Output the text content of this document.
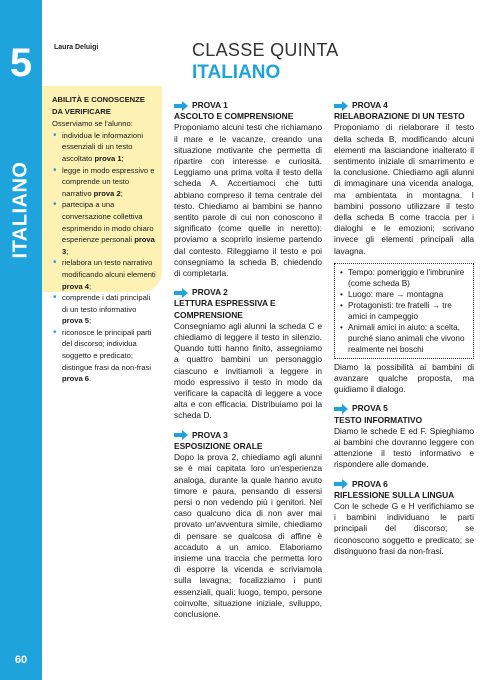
5
ITALIANO
60
Laura Deluigi
ABILITÀ E CONOSCENZE DA VERIFICARE
Osserviamo se l'alunno:
• individua le informazioni essenziali di un testo ascoltato prova 1;
• legge in modo espressivo e comprende un testo narrativo prova 2;
• partecipa a una conversazione collettiva esprimendo in modo chiaro esperienze personali prova 3;
• rielabora un testo narrativo modificando alcuni elementi prova 4;
• comprende i dati principali di un testo informativo prova 5;
• riconosce le principali parti del discorso; individua soggetto e predicato; distingue frasi da non-frasi prova 6.
CLASSE QUINTA
ITALIANO
PROVA 1
ASCOLTO E COMPRENSIONE

Proponiamo alcuni testi che richiamano il mare e le vacanze, creando una situazione motivante che permetta di ripartire con interesse e curiosità. Leggiamo una prima volta il testo della scheda A. Accertiamoci che tutti abbiano compreso il tema centrale del testo. Chiediamo ai bambini se hanno sentito parole di cui non conoscono il significato (come quelle in neretto): proviamo a scoprirlo insieme partendo dal contesto. Rileggiamo il testo e poi consegniamo la scheda B, chiedendo di completarla.

PROVA 2
LETTURA ESPRESSIVA E COMPRENSIONE

Consegniamo agli alunni la scheda C e chiediamo di leggere il testo in silenzio. Quando tutti hanno finito, assegniamo a quattro bambini un personaggio ciascuno e invitiamoli a leggere in modo espressivo il testo in modo da verificare la capacità di leggere a voce alta e con efficacia. Distribuiamo poi la scheda D.

PROVA 3
ESPOSIZIONE ORALE

Dopo la prova 2, chiediamo agli alunni se è mai capitata loro un'esperienza analoga, durante la quale hanno avuto timore e paura, pensando di essersi persi o non vedendo più i genitori. Nel caso qualcuno dica di non aver mai provato un'avventura simile, chiediamo di pensare se qualcosa di affine è accaduto a un amico. Elaboriamo insieme una traccia che permetta loro di esporre la vicenda e scriviamola sulla lavagna; focalizziamo i punti essenziali, quali: luogo, tempo, persone coinvolte, situazione iniziale, sviluppo, conclusione.

PROVA 4
RIELABORAZIONE DI UN TESTO

Proponiamo di rielaborare il testo della scheda B, modificando alcuni elementi ma lasciandone inalterato il sentimento iniziale di smarrimento e la conclusione. Chiediamo agli alunni di immaginare una vicenda analoga, ma ambientata in montagna. I bambini possono utilizzare il testo della scheda B come traccia per i dialoghi e le emozioni; scrivano invece gli elementi principali alla lavagna.

• Tempo: pomeriggio e l'imbrunire (come scheda B)
• Luogo: mare → montagna
• Protagonisti: tre fratelli → tre amici in campeggio
• Animali amici in aiuto: a scelta, purché siano animali che vivono realmente nei boschi

Diamo la possibilità ai bambini di avanzare qualche proposta, ma guidiamo il dialogo.

PROVA 5
TESTO INFORMATIVO

Diamo le schede E ed F. Spieghiamo ai bambini che dovranno leggere con attenzione il testo informativo e rispondere alle domande.

PROVA 6
RIFLESSIONE SULLA LINGUA

Con le schede G e H verifichiamo se i bambini individuano le parti principali del discorso; se riconoscono soggetto e predicato; se distinguono frasi da non-frasi.
